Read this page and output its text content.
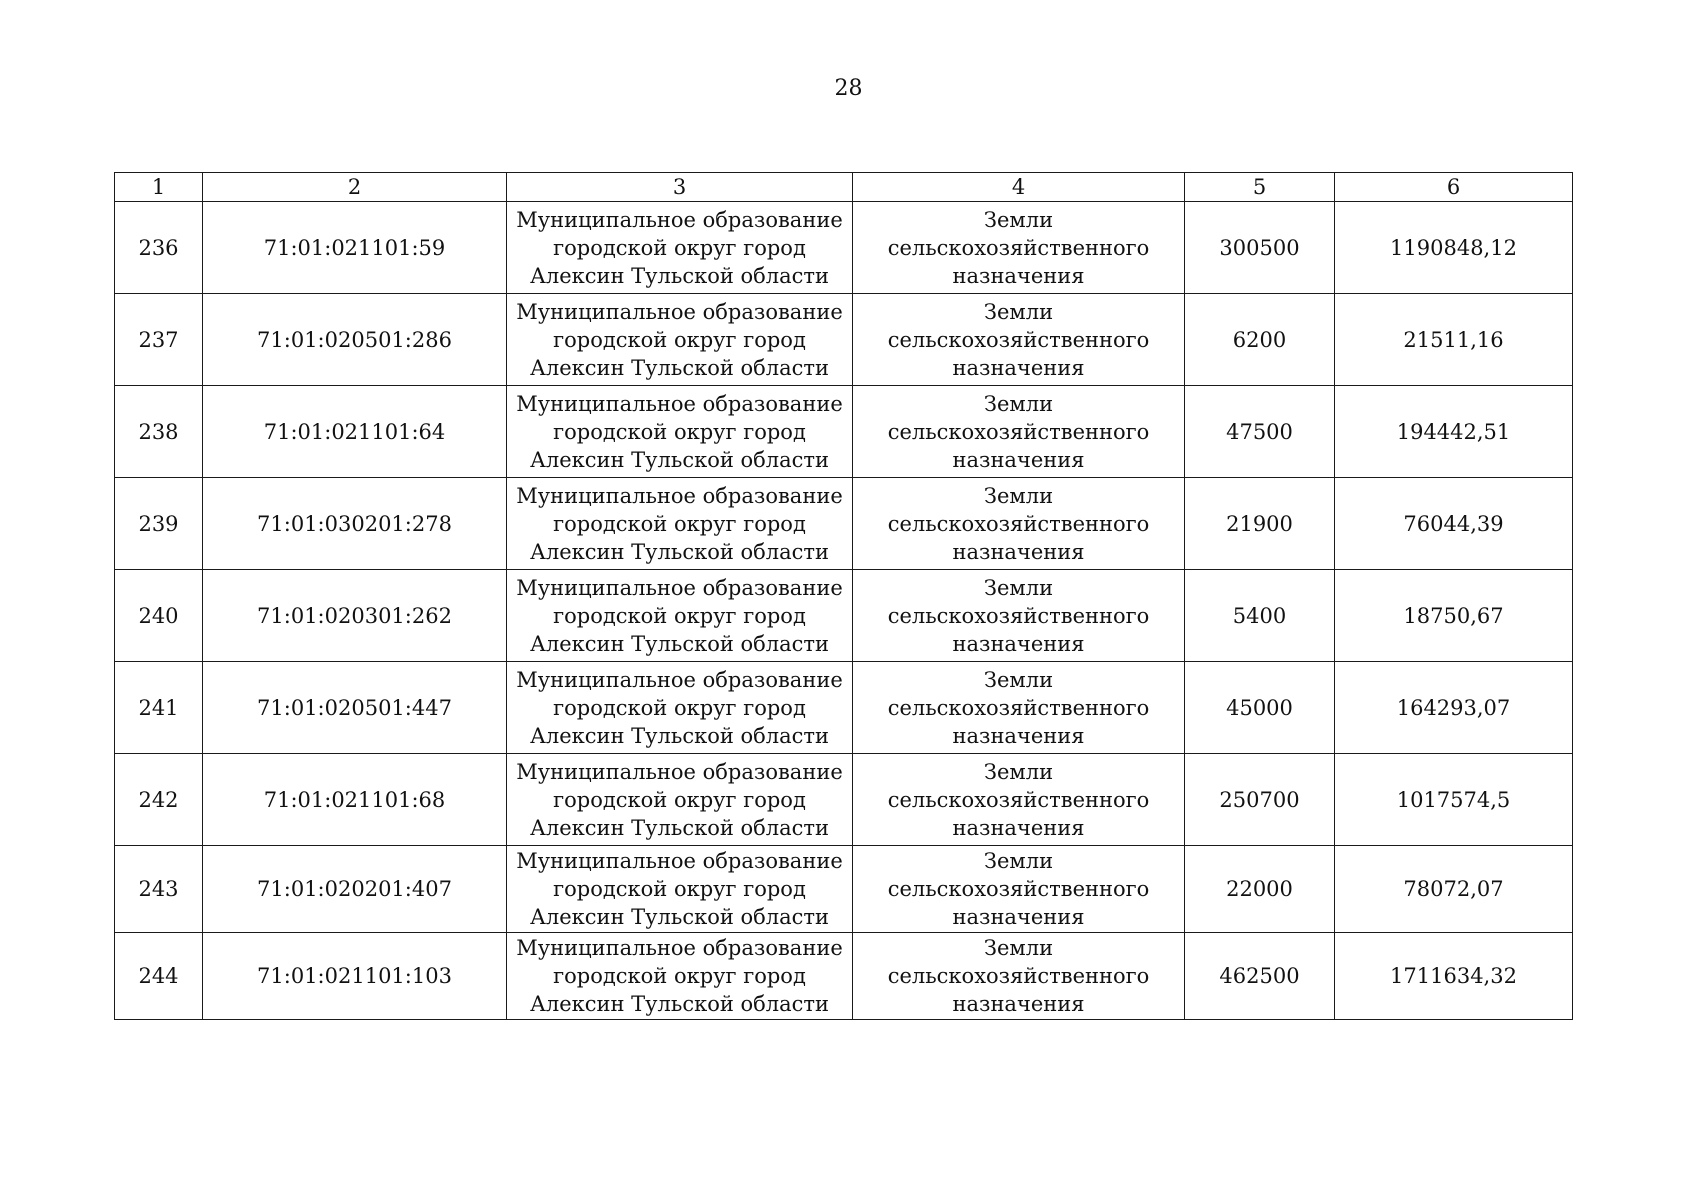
28
1	2	3	4	5	6
236	71:01:021101:59	Муниципальное образование
городской округ город
Алексин Тульской области	Земли
сельскохозяйственного
назначения	300500	1190848,12
237	71:01:020501:286	Муниципальное образование
городской округ город
Алексин Тульской области	Земли
сельскохозяйственного
назначения	6200	21511,16
238	71:01:021101:64	Муниципальное образование
городской округ город
Алексин Тульской области	Земли
сельскохозяйственного
назначения	47500	194442,51
239	71:01:030201:278	Муниципальное образование
городской округ город
Алексин Тульской области	Земли
сельскохозяйственного
назначения	21900	76044,39
240	71:01:020301:262	Муниципальное образование
городской округ город
Алексин Тульской области	Земли
сельскохозяйственного
назначения	5400	18750,67
241	71:01:020501:447	Муниципальное образование
городской округ город
Алексин Тульской области	Земли
сельскохозяйственного
назначения	45000	164293,07
242	71:01:021101:68	Муниципальное образование
городской округ город
Алексин Тульской области	Земли
сельскохозяйственного
назначения	250700	1017574,5
243	71:01:020201:407	Муниципальное образование
городской округ город
Алексин Тульской области	Земли
сельскохозяйственного
назначения	22000	78072,07
244	71:01:021101:103	Муниципальное образование
городской округ город
Алексин Тульской области	Земли
сельскохозяйственного
назначения	462500	1711634,32
